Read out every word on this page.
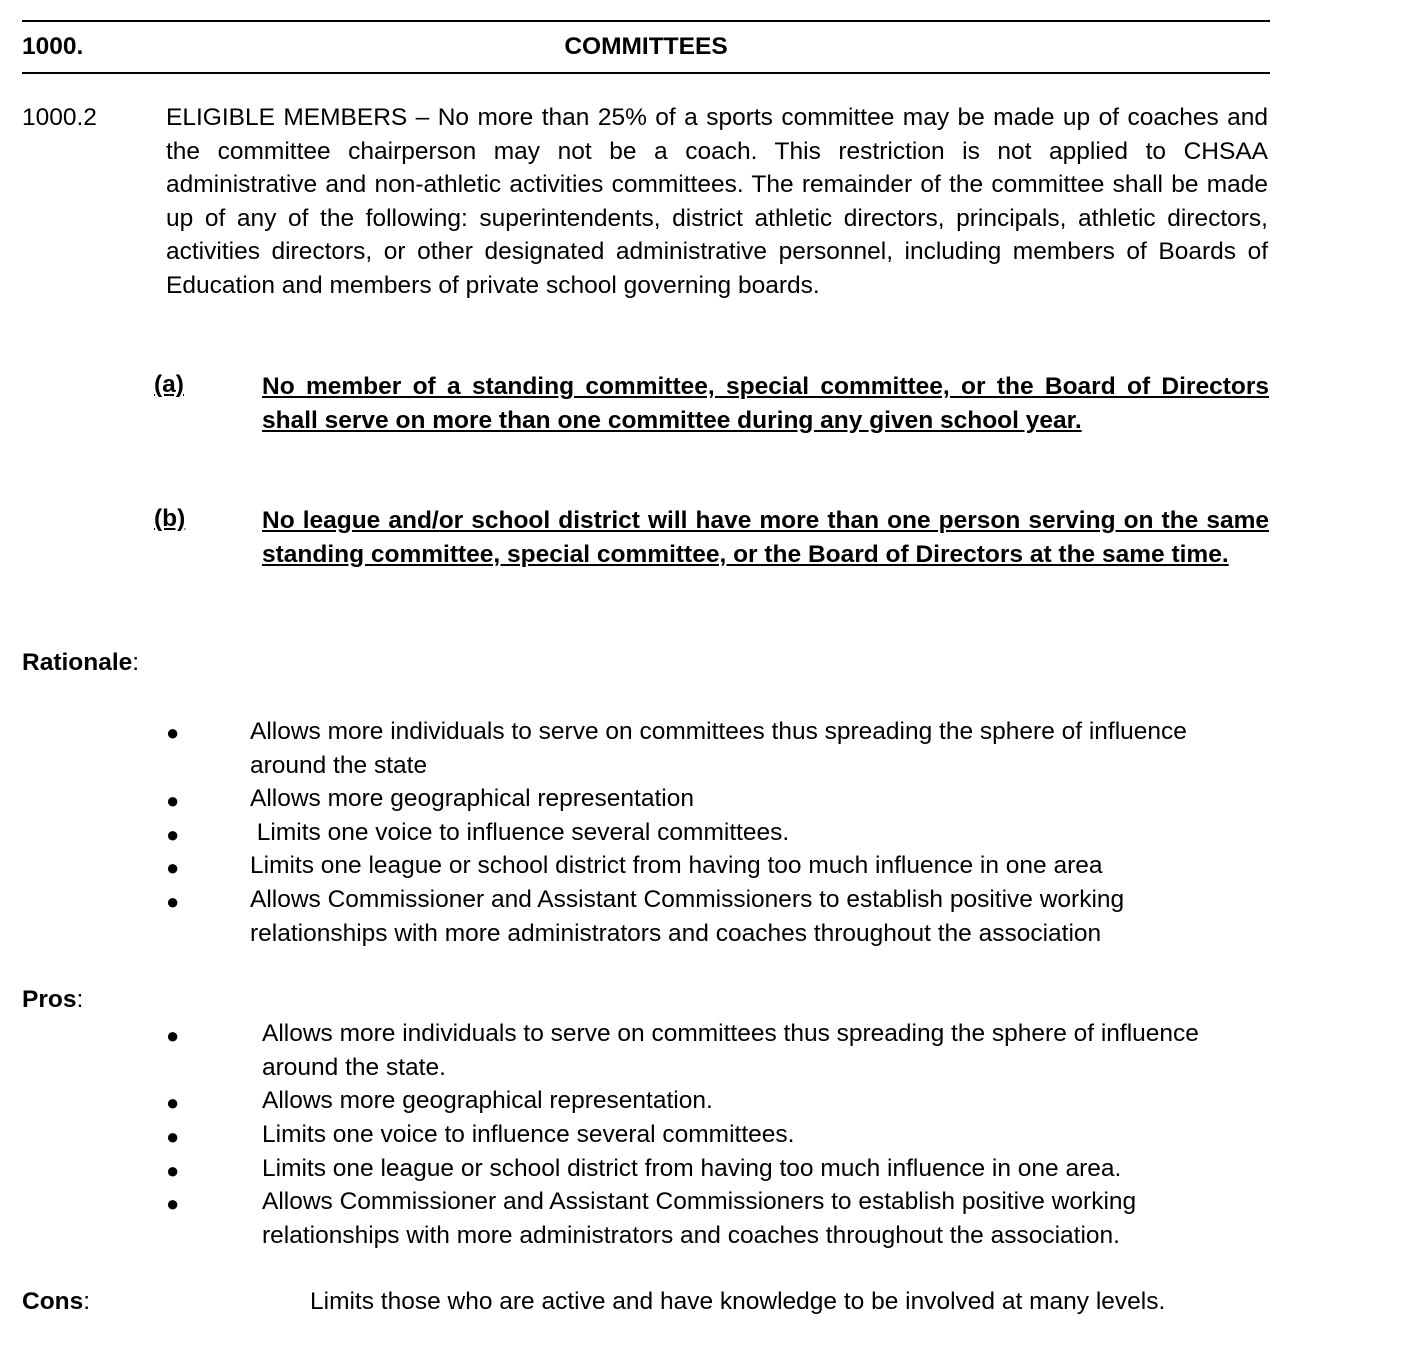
1000.	COMMITTEES
1000.2	ELIGIBLE MEMBERS – No more than 25% of a sports committee may be made up of coaches and the committee chairperson may not be a coach. This restriction is not applied to CHSAA administrative and non-athletic activities committees. The remainder of the committee shall be made up of any of the following: superintendents, district athletic directors, principals, athletic directors, activities directors, or other designated administrative personnel, including members of Boards of Education and members of private school governing boards.
(a)	No member of a standing committee, special committee, or the Board of Directors shall serve on more than one committee during any given school year.
(b)	No league and/or school district will have more than one person serving on the same standing committee, special committee, or the Board of Directors at the same time.
Rationale:
●	Allows more individuals to serve on committees thus spreading the sphere of influence around the state
●	Allows more geographical representation
●	Limits one voice to influence several committees.
●	Limits one league or school district from having too much influence in one area
●	Allows Commissioner and Assistant Commissioners to establish positive working relationships with more administrators and coaches throughout the association
Pros:
●	Allows more individuals to serve on committees thus spreading the sphere of influence around the state.
●	Allows more geographical representation.
●	Limits one voice to influence several committees.
●	Limits one league or school district from having too much influence in one area.
●	Allows Commissioner and Assistant Commissioners to establish positive working relationships with more administrators and coaches throughout the association.
Cons:	Limits those who are active and have knowledge to be involved at many levels.
